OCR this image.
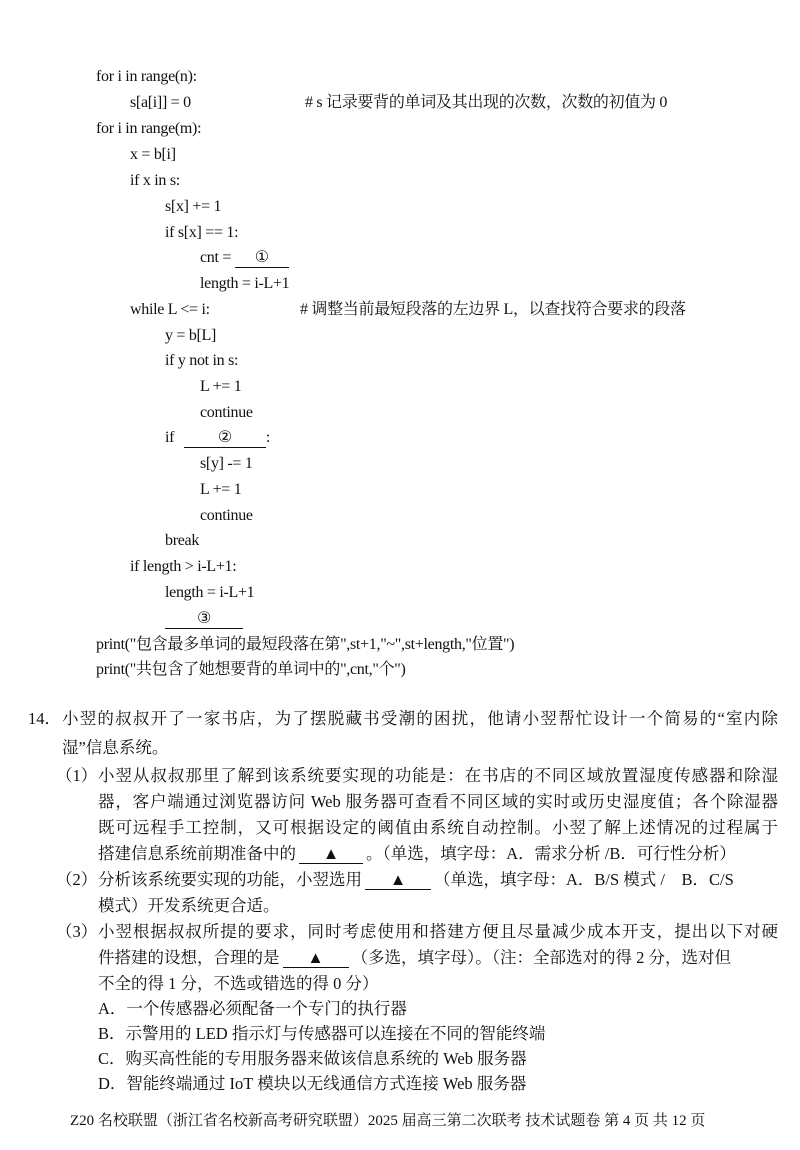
for i in range(n):
s[a[i]] = 0	# s 记录要背的单词及其出现的次数，次数的初值为 0
for i in range(m):
x = b[i]
if x in s:
s[x] += 1
if s[x] == 1:
cnt = ①
length = i-L+1
while L <= i:	# 调整当前最短段落的左边界 L，以查找符合要求的段落
y = b[L]
if y not in s:
L += 1
continue
if ② :
s[y] -= 1
L += 1
continue
break
if length > i-L+1:
length = i-L+1
③
print("包含最多单词的最短段落在第",st+1,"~",st+length,"位置")
print("共包含了她想要背的单词中的",cnt,"个")
14． 小翌的叔叔开了一家书店，为了摆脱藏书受潮的困扰，他请小翌帮忙设计一个简易的“室内除
湿”信息系统。
（1） 小翌从叔叔那里了解到该系统要实现的功能是：在书店的不同区域放置湿度传感器和除湿
器，客户端通过浏览器访问 Web 服务器可查看不同区域的实时或历史湿度值；各个除湿器
既可远程手工控制，又可根据设定的阈值由系统自动控制。小翌了解上述情况的过程属于
搭建信息系统前期准备中的 ▲ 。（单选，填字母：A．需求分析 /B．可行性分析）
（2） 分析该系统要实现的功能，小翌选用 ▲ （单选，填字母：A．B/S 模式 /　B．C/S
模式）开发系统更合适。
（3） 小翌根据叔叔所提的要求，同时考虑使用和搭建方便且尽量减少成本开支，提出以下对硬
件搭建的设想，合理的是 ▲ （多选，填字母）。（注：全部选对的得 2 分，选对但
不全的得 1 分，不选或错选的得 0 分）
A．一个传感器必须配备一个专门的执行器
B．示警用的 LED 指示灯与传感器可以连接在不同的智能终端
C．购买高性能的专用服务器来做该信息系统的 Web 服务器
D．智能终端通过 IoT 模块以无线通信方式连接 Web 服务器
Z20 名校联盟（浙江省名校新高考研究联盟）2025 届高三第二次联考 技术试题卷 第 4 页 共 12 页
